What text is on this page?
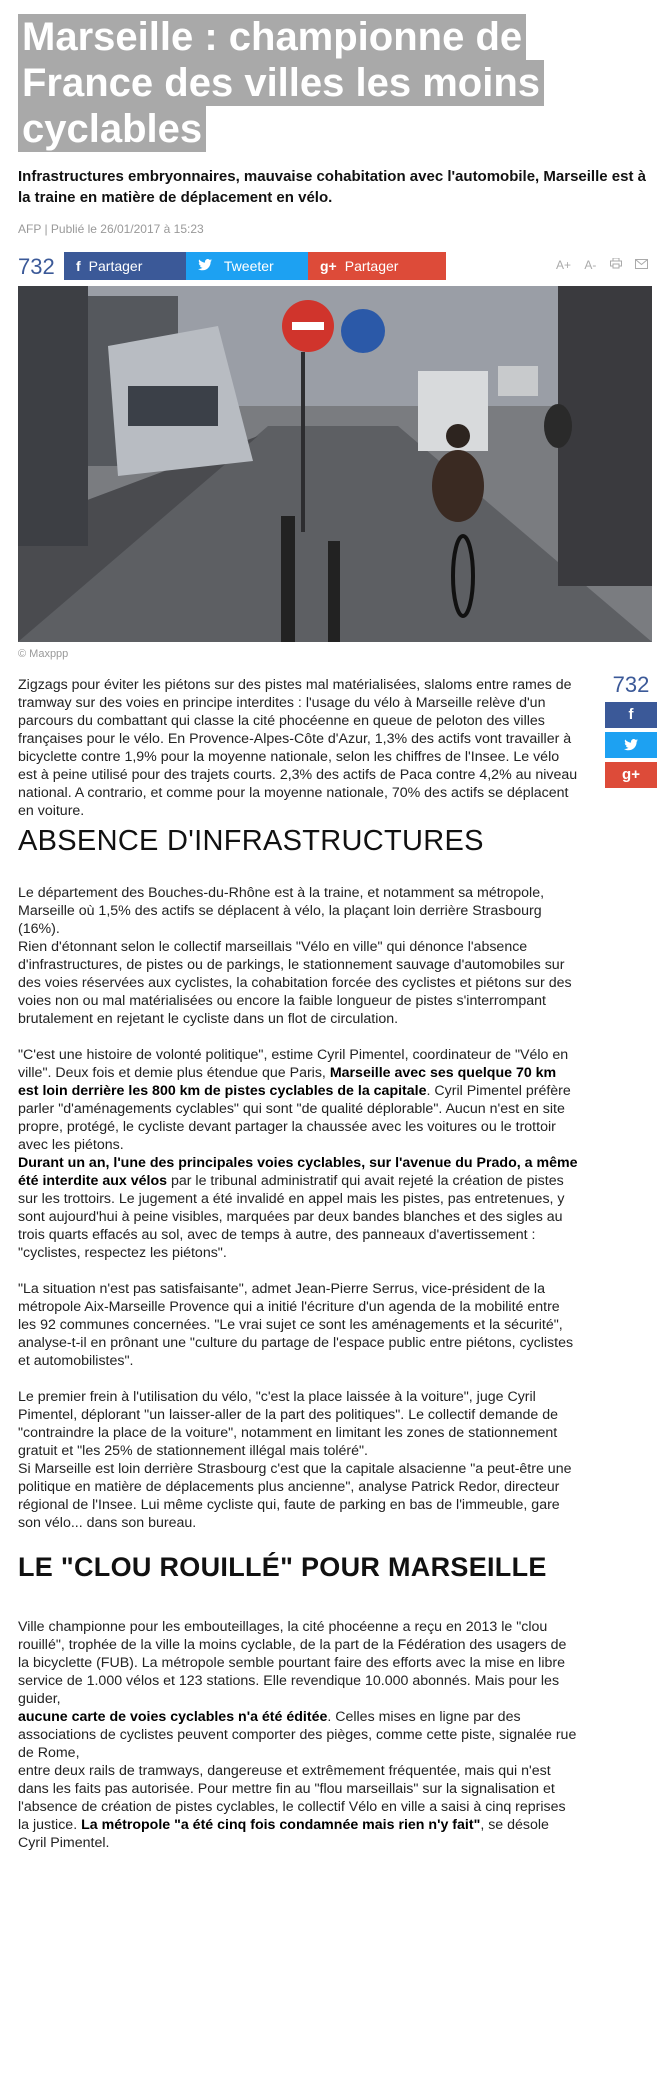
Marseille : championne de
France des villes les moins
cyclables

Infrastructures embryonnaires, mauvaise cohabitation avec l'automobile, Marseille est à la traine en matière de déplacement en vélo.

AFP | Publié le 26/01/2017 à 15:23
732	f Partager	Tweeter	g+ Partager	A+ A-
© Maxppp
732
f
g+

Zigzags pour éviter les piétons sur des pistes mal matérialisées, slaloms entre rames de tramway sur des voies en principe interdites : l'usage du vélo à Marseille relève d'un parcours du combattant qui classe la cité phocéenne en queue de peloton des villes françaises pour le vélo. En Provence-Alpes-Côte d'Azur, 1,3% des actifs vont travailler à bicyclette contre 1,9% pour la moyenne nationale, selon les chiffres de l'Insee. Le vélo est à peine utilisé pour des trajets courts. 2,3% des actifs de Paca contre 4,2% au niveau national. A contrario, et comme pour la moyenne nationale, 70% des actifs se déplacent en voiture.

ABSENCE D'INFRASTRUCTURES

Le département des Bouches-du-Rhône est à la traine, et notamment sa métropole, Marseille où 1,5% des actifs se déplacent à vélo, la plaçant loin derrière Strasbourg (16%).
Rien d'étonnant selon le collectif marseillais "Vélo en ville" qui dénonce l'absence d'infrastructures, de pistes ou de parkings, le stationnement sauvage d'automobiles sur des voies réservées aux cyclistes, la cohabitation forcée des cyclistes et piétons sur des voies non ou mal matérialisées ou encore la faible longueur de pistes s'interrompant brutalement en rejetant le cycliste dans un flot de circulation.

"C'est une histoire de volonté politique", estime Cyril Pimentel, coordinateur de "Vélo en ville". Deux fois et demie plus étendue que Paris, Marseille avec ses quelque 70 km est loin derrière les 800 km de pistes cyclables de la capitale. Cyril Pimentel préfère parler "d'aménagements cyclables" qui sont "de qualité déplorable". Aucun n'est en site propre, protégé, le cycliste devant partager la chaussée avec les voitures ou le trottoir avec les piétons.
Durant un an, l'une des principales voies cyclables, sur l'avenue du Prado, a même été interdite aux vélos par le tribunal administratif qui avait rejeté la création de pistes sur les trottoirs. Le jugement a été invalidé en appel mais les pistes, pas entretenues, y sont aujourd'hui à peine visibles, marquées par deux bandes blanches et des sigles au trois quarts effacés au sol, avec de temps à autre, des panneaux d'avertissement : "cyclistes, respectez les piétons".

"La situation n'est pas satisfaisante", admet Jean-Pierre Serrus, vice-président de la métropole Aix-Marseille Provence qui a initié l'écriture d'un agenda de la mobilité entre les 92 communes concernées. "Le vrai sujet ce sont les aménagements et la sécurité", analyse-t-il en prônant une "culture du partage de l'espace public entre piétons, cyclistes et automobilistes".

Le premier frein à l'utilisation du vélo, "c'est la place laissée à la voiture", juge Cyril Pimentel, déplorant "un laisser-aller de la part des politiques". Le collectif demande de "contraindre la place de la voiture", notamment en limitant les zones de stationnement gratuit et "les 25% de stationnement illégal mais toléré".
Si Marseille est loin derrière Strasbourg c'est que la capitale alsacienne "a peut-être une politique en matière de déplacements plus ancienne", analyse Patrick Redor, directeur régional de l'Insee. Lui même cycliste qui, faute de parking en bas de l'immeuble, gare son vélo... dans son bureau.

LE "CLOU ROUILLÉ" POUR MARSEILLE

Ville championne pour les embouteillages, la cité phocéenne a reçu en 2013 le "clou rouillé", trophée de la ville la moins cyclable, de la part de la Fédération des usagers de la bicyclette (FUB). La métropole semble pourtant faire des efforts avec la mise en libre service de 1.000 vélos et 123 stations. Elle revendique 10.000 abonnés. Mais pour les guider,
aucune carte de voies cyclables n'a été éditée. Celles mises en ligne par des associations de cyclistes peuvent comporter des pièges, comme cette piste, signalée rue de Rome,
entre deux rails de tramways, dangereuse et extrêmement fréquentée, mais qui n'est dans les faits pas autorisée. Pour mettre fin au "flou marseillais" sur la signalisation et l'absence de création de pistes cyclables, le collectif Vélo en ville a saisi à cinq reprises la justice. La métropole "a été cinq fois condamnée mais rien n'y fait", se désole Cyril Pimentel.
